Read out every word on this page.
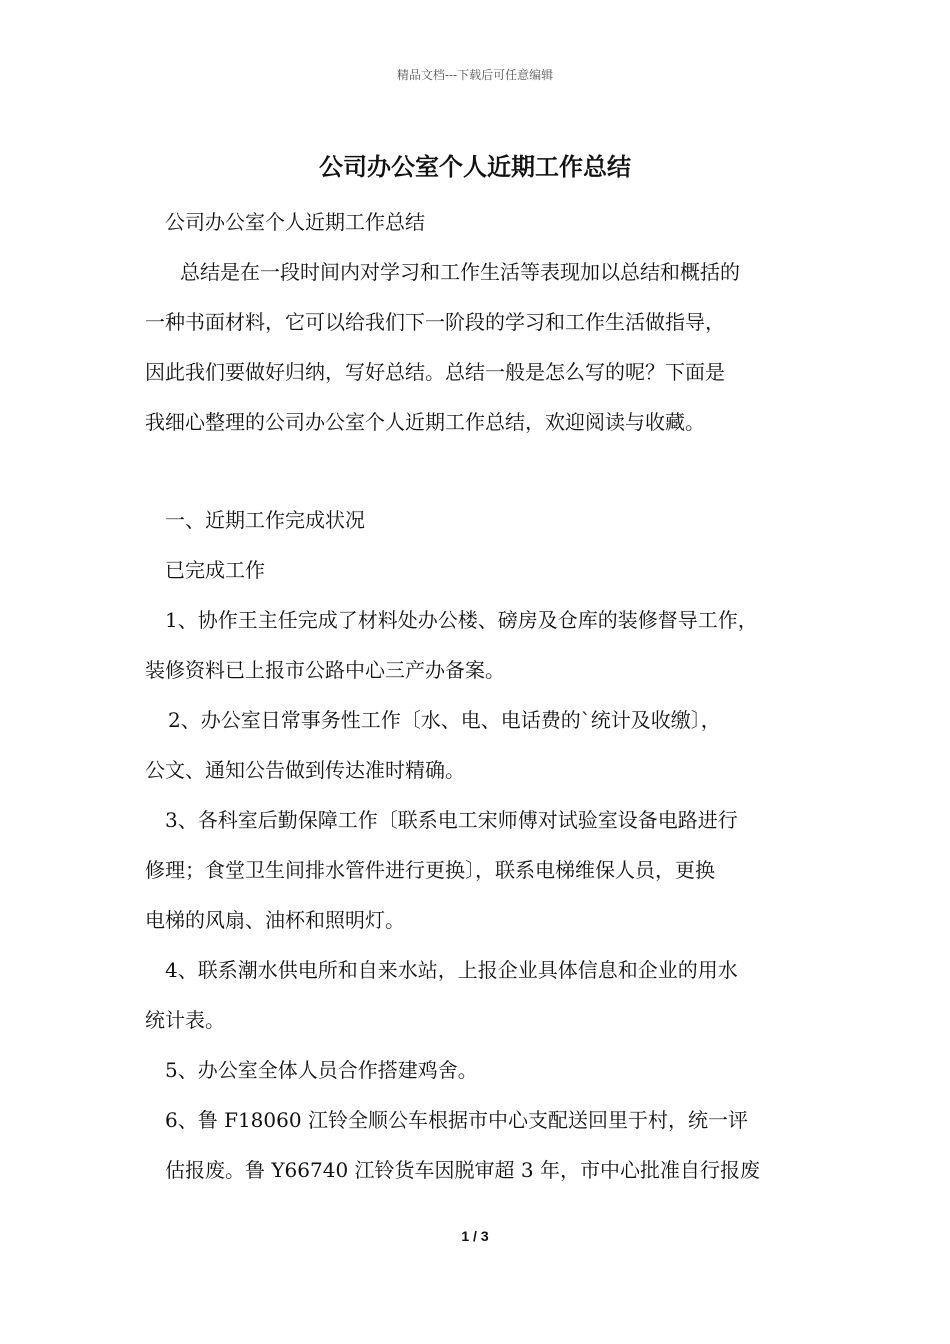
精品文档---下载后可任意编辑
公司办公室个人近期工作总结
公司办公室个人近期工作总结
总结是在一段时间内对学习和工作生活等表现加以总结和概括的
一种书面材料，它可以给我们下一阶段的学习和工作生活做指导，
因此我们要做好归纳，写好总结。总结一般是怎么写的呢？下面是
我细心整理的公司办公室个人近期工作总结，欢迎阅读与收藏。
一、近期工作完成状况
已完成工作
1、协作王主任完成了材料处办公楼、磅房及仓库的装修督导工作，
装修资料已上报市公路中心三产办备案。
2、办公室日常事务性工作〔水、电、电话费的`统计及收缴〕，
公文、通知公告做到传达准时精确。
3、各科室后勤保障工作〔联系电工宋师傅对试验室设备电路进行
修理；食堂卫生间排水管件进行更换〕，联系电梯维保人员，更换
电梯的风扇、油杯和照明灯。
4、联系潮水供电所和自来水站，上报企业具体信息和企业的用水
统计表。
5、办公室全体人员合作搭建鸡舍。
6、鲁 F18060 江铃全顺公车根据市中心支配送回里于村，统一评
估报废。鲁 Y66740 江铃货车因脱审超 3 年，市中心批准自行报废
1 / 3
